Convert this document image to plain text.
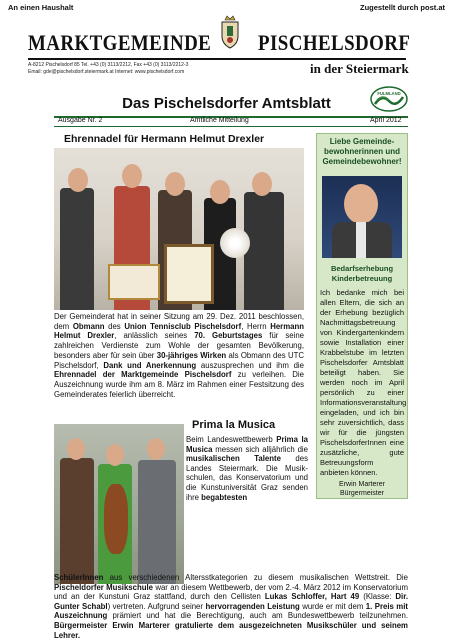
An einen Haushalt	Zugestellt durch post.at
MARKTGEMEINDE PISCHELSDORF
A-8212 Pischelsdorf 85 Tel. +43 (0) 3113/2212, Fax +43 (0) 3113/2212-3
Email: gde@pischelsdorf.steiermark.at Internet: www.pischelsdorf.com	in der Steiermark
FULMLAND
Das Pischelsdorfer Amtsblatt
Ausgabe Nr. 2	Amtliche Mitteilung	April 2012
Ehrennadel für Hermann Helmut Drexler
Der Gemeinderat hat in seiner Sitzung am 29. Dez. 2011 beschlossen, dem Obmann des Union Tennisclub Pischelsdorf, Herrn Hermann Helmut Drexler, anlässlich seines 70. Geburtstages für seine zahlreichen Verdienste zum Wohle der gesamten Bevölkerung, besonders aber für sein über 30-jähriges Wirken als Obmann des UTC Pischelsdorf, Dank und Anerkennung auszusprechen und ihm die Ehrennadel der Marktgemeinde Pischelsdorf zu verleihen. Die Auszeichnung wurde ihm am 8. März im Rahmen einer Festsitzung des Gemeinderates feierlich überreicht.
Prima la Musica
Beim Landeswettbewerb Prima la Musica messen sich alljährlich die musikalischen Talente des Landes Steiermark. Die Musikschulen, das Konservatorium und die Kunstuniversität Graz senden ihre begabtesten
SchülerInnen aus verschiedenen Altersstkategorien zu diesem musikalischen Wettstreit. Die Pischeldorfer Musikschule war an diesem Wettbewerb, der vom 2.-4. März 2012 im Konservatorium und an der Kunstuni Graz stattfand, durch den Cellisten Lukas Schloffer, Hart 49 (Klasse: Dir. Gunter Schabl) vertreten. Aufgrund seiner hervorragenden Leistung wurde er mit dem 1. Preis mit Auszeichnung prämiert und hat die Berechtigung, auch am Bundeswettbewerb teilzunehmen. Bürgermeister Erwin Marterer gratulierte dem ausgezeichneten Musikschüler und seinem Lehrer.
Liebe Gemeindebewohnerinnen und Gemeindebewohner!
Bedarfserhebung Kinderbetreuung
Ich bedanke mich bei allen Eltern, die sich an der Erhebung bezüglich Nachmittagsbetreuung von Kindergartenkindern sowie Installation einer Krabbelstube im letzten Pischelsdorfer Amtsblatt beteiligt haben. Sie werden noch im April persönlich zu einer Informationsveranstaltung eingeladen, und ich bin sehr zuversichtlich, dass wir für die jüngsten PischelsdorferInnen eine zusätzliche, gute Betreuungsform anbieten können.
Erwin Marterer
Bürgermeister
